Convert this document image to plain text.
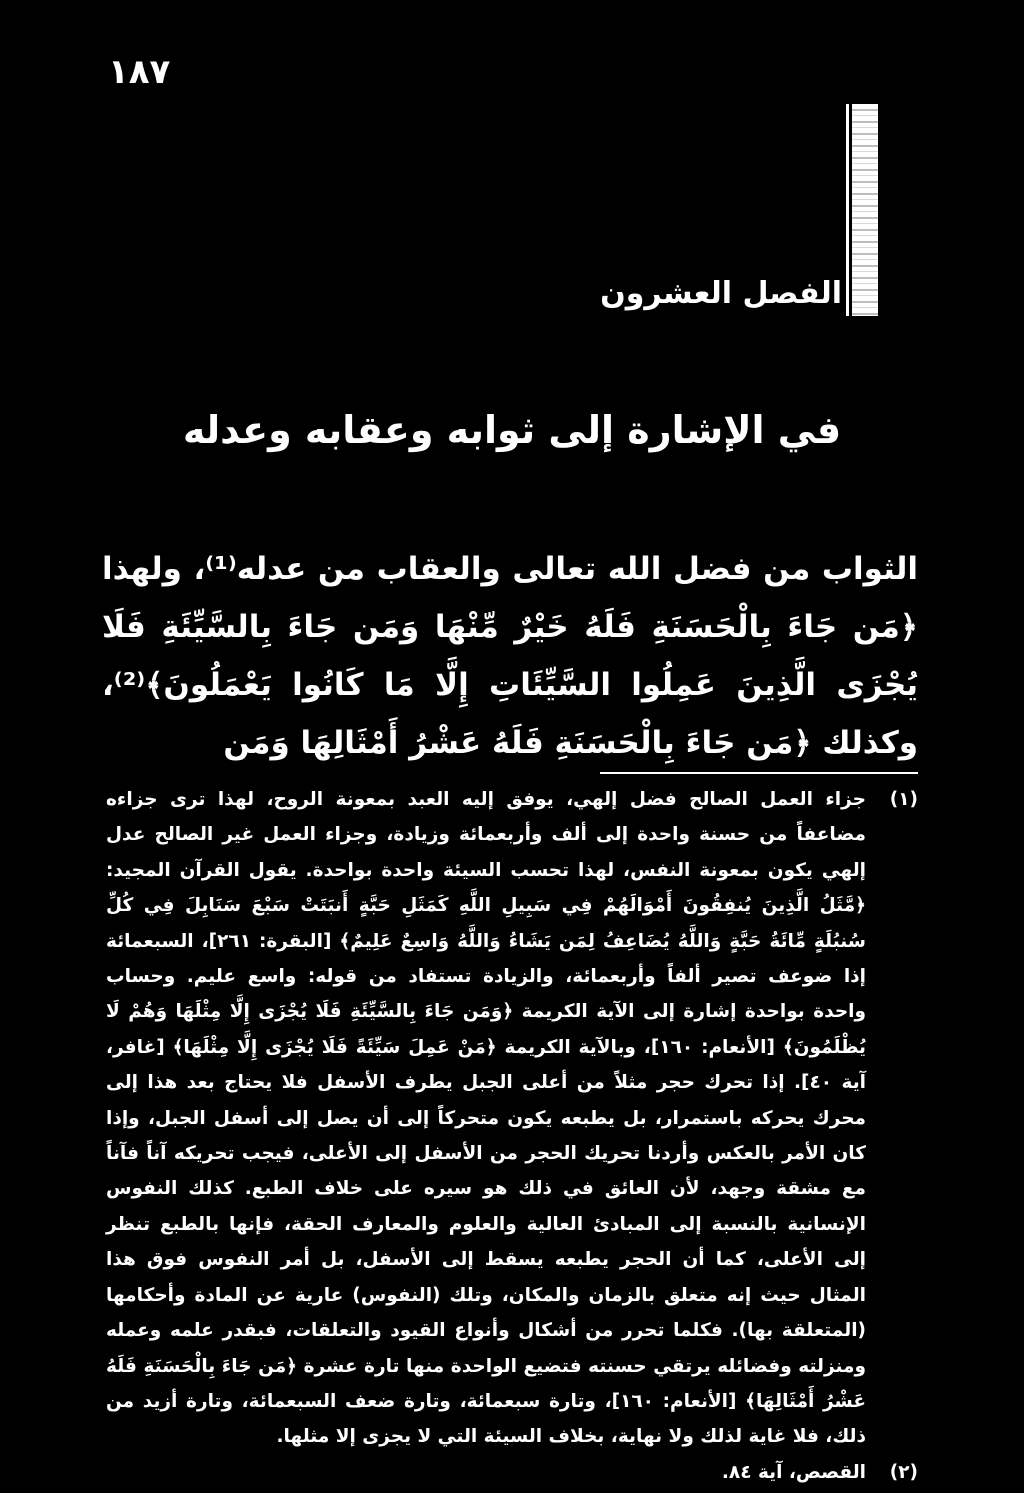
١٨٧
الفصل العشرون
في الإشارة إلى ثوابه وعقابه وعدله
الثواب من فضل الله تعالى والعقاب من عدله⁽¹⁾، ولهذا ﴿مَن جَاءَ بِالْحَسَنَةِ فَلَهُ خَيْرٌ مِّنْهَا وَمَن جَاءَ بِالسَّيِّئَةِ فَلَا يُجْزَى الَّذِينَ عَمِلُوا السَّيِّئَاتِ إِلَّا مَا كَانُوا يَعْمَلُونَ﴾⁽²⁾، وكذلك ﴿مَن جَاءَ بِالْحَسَنَةِ فَلَهُ عَشْرُ أَمْثَالِهَا وَمَن
(١)
جزاء العمل الصالح فضل إلهي، يوفق إليه العبد بمعونة الروح، لهذا ترى جزاءه مضاعفاً من حسنة واحدة إلى ألف وأربعمائة وزيادة، وجزاء العمل غير الصالح عدل إلهي يكون بمعونة النفس، لهذا تحسب السيئة واحدة بواحدة. يقول القرآن المجيد: ﴿مَّثَلُ الَّذِينَ يُنفِقُونَ أَمْوَالَهُمْ فِي سَبِيلِ اللَّهِ كَمَثَلِ حَبَّةٍ أَنبَتَتْ سَبْعَ سَنَابِلَ فِي كُلِّ سُنبُلَةٍ مِّائَةُ حَبَّةٍ وَاللَّهُ يُضَاعِفُ لِمَن يَشَاءُ وَاللَّهُ وَاسِعٌ عَلِيمٌ﴾ [البقرة: ٢٦١]، السبعمائة إذا ضوعف تصير ألفاً وأربعمائة، والزيادة تستفاد من قوله: واسع عليم. وحساب واحدة بواحدة إشارة إلى الآية الكريمة ﴿وَمَن جَاءَ بِالسَّيِّئَةِ فَلَا يُجْزَى إِلَّا مِثْلَهَا وَهُمْ لَا يُظْلَمُونَ﴾ [الأنعام: ١٦٠]، وبالآية الكريمة ﴿مَنْ عَمِلَ سَيِّئَةً فَلَا يُجْزَى إِلَّا مِثْلَهَا﴾ [غافر، آية ٤٠]. إذا تحرك حجر مثلاً من أعلى الجبل يطرف الأسفل فلا يحتاج بعد هذا إلى محرك يحركه باستمرار، بل يطبعه يكون متحركاً إلى أن يصل إلى أسفل الجبل، وإذا كان الأمر بالعكس وأردنا تحريك الحجر من الأسفل إلى الأعلى، فيجب تحريكه آناً فآناً مع مشقة وجهد، لأن العائق في ذلك هو سيره على خلاف الطبع. كذلك النفوس الإنسانية بالنسبة إلى المبادئ العالية والعلوم والمعارف الحقة، فإنها بالطبع تنظر إلى الأعلى، كما أن الحجر يطبعه يسقط إلى الأسفل، بل أمر النفوس فوق هذا المثال حيث إنه متعلق بالزمان والمكان، وتلك (النفوس) عارية عن المادة وأحكامها (المتعلقة بها). فكلما تحرر من أشكال وأنواع القيود والتعلقات، فبقدر علمه وعمله ومنزلته وفضائله يرتقي حسنته فتضيع الواحدة منها تارة عشرة ﴿مَن جَاءَ بِالْحَسَنَةِ فَلَهُ عَشْرُ أَمْثَالِهَا﴾ [الأنعام: ١٦٠]، وتارة سبعمائة، وتارة ضعف السبعمائة، وتارة أزيد من ذلك، فلا غاية لذلك ولا نهاية، بخلاف السيئة التي لا يجزى إلا مثلها.
(٢)
القصص، آية ٨٤.
